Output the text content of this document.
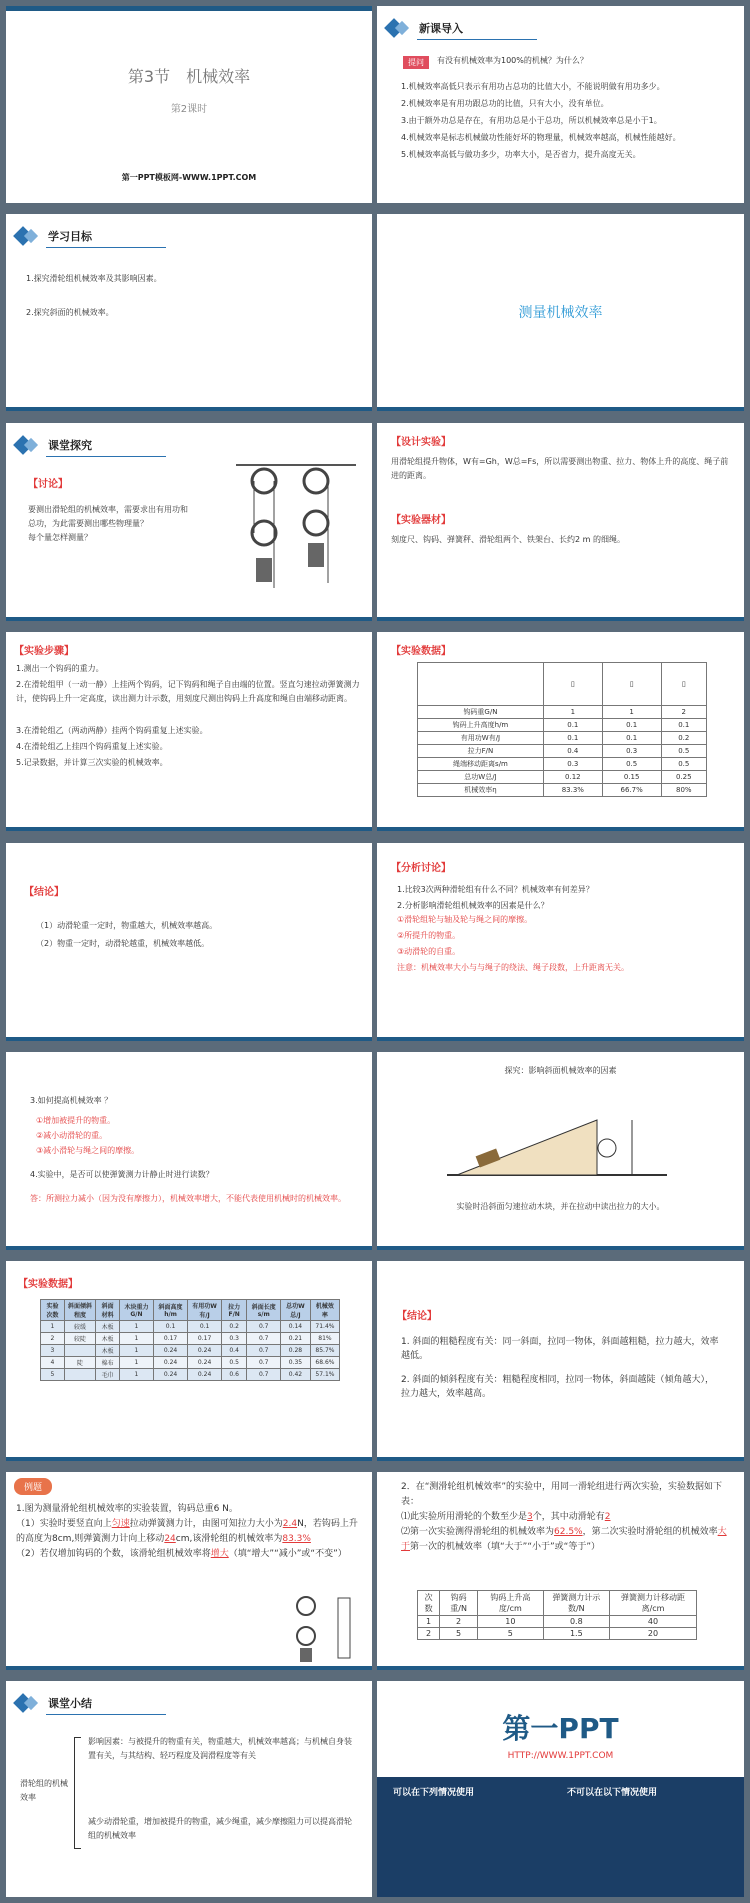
第3节　机械效率
第2课时
第一PPT模板网-WWW.1PPT.COM
新课导入
提问	有没有机械效率为100%的机械？为什么？
1.机械效率高低只表示有用功占总功的比值大小，不能说明做有用功多少。
2.机械效率是有用功跟总功的比值，只有大小，没有单位。
3.由于额外功总是存在，有用功总是小于总功，所以机械效率总是小于1。
4.机械效率是标志机械做功性能好坏的物理量，机械效率越高，机械性能越好。
5.机械效率高低与做功多少，功率大小，是否省力，提升高度无关。
学习目标
1.探究滑轮组机械效率及其影响因素。
2.探究斜面的机械效率。	测量机械效率
课堂探究
【讨论】
要测出滑轮组的机械效率，需要求出有用功和
总功，为此需要测出哪些物理量？
每个量怎样测量？
【设计实验】
用滑轮组提升物体，W有=Gh，W总=Fs，所以需要测出物重、拉力、物体上升的高度、绳子前进的距离。
【实验器材】
刻度尺、钩码、弹簧秤、滑轮组两个、铁架台、长约2 m 的细绳。
【实验步骤】
1.测出一个钩码的重力。
2.在滑轮组甲（一动一静）上挂两个钩码，记下钩码和绳子自由端的位置。竖直匀速拉动弹簧测力计，使钩码上升一定高度，读出测力计示数，用刻度尺测出钩码上升高度和绳自由端移动距离。
3.在滑轮组乙（两动两静）挂两个钩码重复上述实验。
4.在滑轮组乙上挂四个钩码重复上述实验。
5.记录数据，并计算三次实验的机械效率。
【实验数据】
	▯	▯	▯
钩码重G/N	1	1	2
钩码上升高度h/m	0.1	0.1	0.1
有用功W有/J	0.1	0.1	0.2
拉力F/N	0.4	0.3	0.5
绳端移动距离s/m	0.3	0.5	0.5
总功W总/J	0.12	0.15	0.25
机械效率η	83.3%	66.7%	80%
【结论】
（1）动滑轮重一定时，物重越大，机械效率越高。
（2）物重一定时，动滑轮越重，机械效率越低。
【分析讨论】
1.比较3次两种滑轮组有什么不同？机械效率有何差异？
2.分析影响滑轮组机械效率的因素是什么？
①滑轮组轮与轴及轮与绳之间的摩擦。
②所提升的物重。
③动滑轮的自重。
注意：机械效率大小与与绳子的绕法、绳子段数，上升距离无关。
3.如何提高机械效率 ？
①增加被提升的物重。
②减小动滑轮的重。
③减小滑轮与绳之间的摩擦。
4.实验中，是否可以使弹簧测力计静止时进行读数？
答：所测拉力减小（因为没有摩擦力），机械效率增大，不能代表使用机械时的机械效率。
探究：影响斜面机械效率的因素
实验时沿斜面匀速拉动木块，并在拉动中读出拉力的大小。
【实验数据】
实验次数	斜面倾斜程度	斜面材料	木块重力G/N	斜面高度h/m	有用功W有/J	拉力F/N	斜面长度s/m	总功W总/J	机械效率
1	较缓	木板	1	0.1	0.1	0.2	0.7	0.14	71.4%
2	较陡	木板	1	0.17	0.17	0.3	0.7	0.21	81%
3		木板	1	0.24	0.24	0.4	0.7	0.28	85.7%
4	陡	棉布	1	0.24	0.24	0.5	0.7	0.35	68.6%
5		毛巾	1	0.24	0.24	0.6	0.7	0.42	57.1%
【结论】
1. 斜面的粗糙程度有关：同一斜面，拉同一物体，斜面越粗糙，拉力越大，效率越低。
2. 斜面的倾斜程度有关：粗糙程度相同，拉同一物体，斜面越陡（倾角越大），拉力越大，效率越高。
例题
1.图为测量滑轮组机械效率的实验装置，钩码总重6 N。
（1）实验时要竖直向上匀速拉动弹簧测力计，由图可知拉力大小为2.4N，若钩码上升的高度为8cm,则弹簧测力计向上移动24cm,该滑轮组的机械效率为83.3%
（2）若仅增加钩码的个数，该滑轮组机械效率将增大（填“增大”“减小”或“不变”）
2．在“测滑轮组机械效率”的实验中，用同一滑轮组进行两次实验，实验数据如下表：
⑴此实验所用滑轮的个数至少是3个，其中动滑轮有2
⑵第一次实验测得滑轮组的机械效率为62.5%，第二次实验时滑轮组的机械效率大于第一次的机械效率（填“大于”“小于”或“等于”）
次数	钩码重/N	钩码上升高度/cm	弹簧测力计示数/N	弹簧测力计移动距离/cm
1	2	10	0.8	40
2	5	5	1.5	20
课堂小结
滑轮组的机械效率
影响因素：与被提升的物重有关，物重越大，机械效率越高；与机械自身装置有关，与其结构、轻巧程度及润滑程度等有关
减少动滑轮重，增加被提升的物重，减少绳重，减少摩擦阻力可以提高滑轮组的机械效率
第一PPT
HTTP://WWW.1PPT.COM
可以在下列情况使用	不可以在以下情况使用
